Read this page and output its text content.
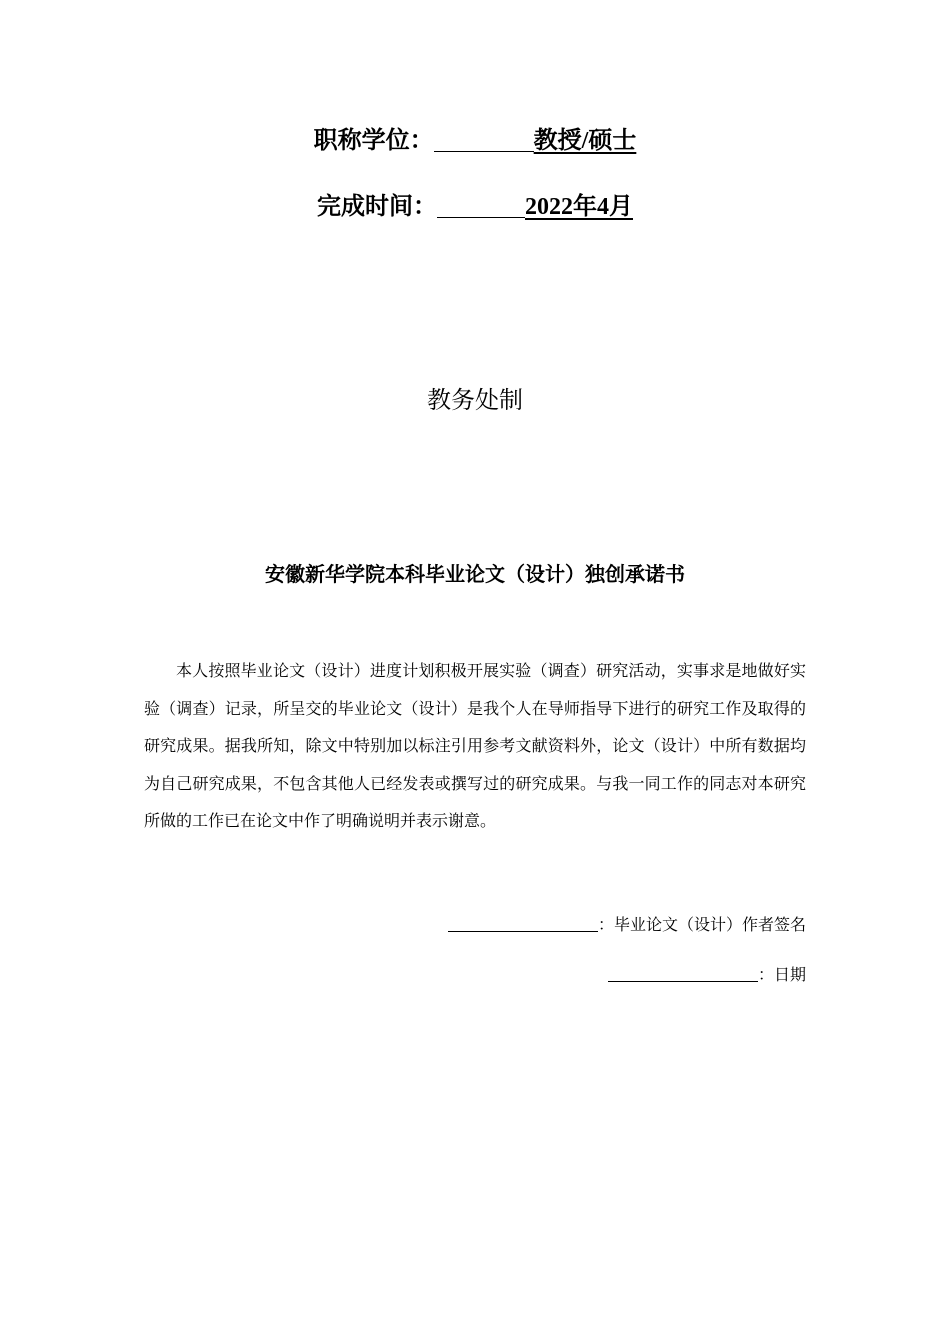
职称学位：	教授/硕士
完成时间：	2022年4月
教务处制
安徽新华学院本科毕业论文（设计）独创承诺书

本人按照毕业论文（设计）进度计划积极开展实验（调查）研究活动，实事求是地做好实验（调查）记录，所呈交的毕业论文（设计）是我个人在导师指导下进行的研究工作及取得的研究成果。据我所知，除文中特别加以标注引用参考文献资料外，论文（设计）中所有数据均为自己研究成果，不包含其他人已经发表或撰写过的研究成果。与我一同工作的同志对本研究所做的工作已在论文中作了明确说明并表示谢意。

：毕业论文（设计）作者签名
：日期
